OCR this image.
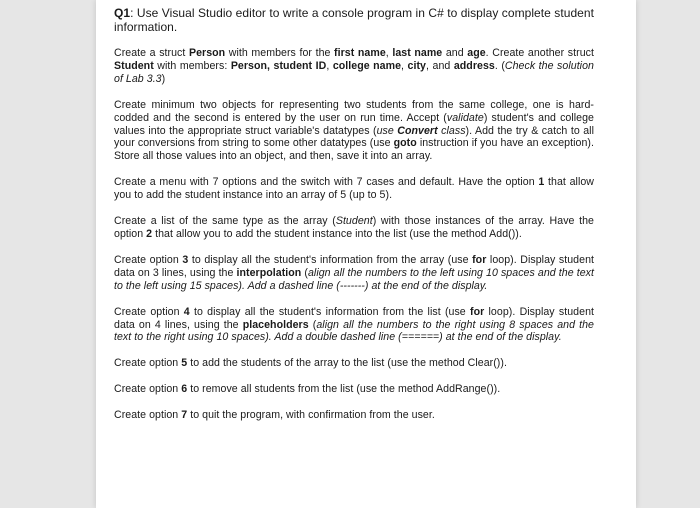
Q1: Use Visual Studio editor to write a console program in C# to display complete student information.

Create a struct Person with members for the first name, last name and age. Create another struct Student with members: Person, student ID, college name, city, and address. (Check the solution of Lab 3.3)

Create minimum two objects for representing two students from the same college, one is hard-codded and the second is entered by the user on run time. Accept (validate) student's and college values into the appropriate struct variable's datatypes (use Convert class). Add the try & catch to all your conversions from string to some other datatypes (use goto instruction if you have an exception). Store all those values into an object, and then, save it into an array.

Create a menu with 7 options and the switch with 7 cases and default. Have the option 1 that allow you to add the student instance into an array of 5 (up to 5).

Create a list of the same type as the array (Student) with those instances of the array. Have the option 2 that allow you to add the student instance into the list (use the method Add()).

Create option 3 to display all the student's information from the array (use for loop). Display student data on 3 lines, using the interpolation (align all the numbers to the left using 10 spaces and the text to the left using 15 spaces). Add a dashed line (-------) at the end of the display.

Create option 4 to display all the student's information from the list (use for loop). Display student data on 4 lines, using the placeholders (align all the numbers to the right using 8 spaces and the text to the right using 10 spaces). Add a double dashed line (======) at the end of the display.

Create option 5 to add the students of the array to the list (use the method Clear()).

Create option 6 to remove all students from the list (use the method AddRange()).

Create option 7 to quit the program, with confirmation from the user.
